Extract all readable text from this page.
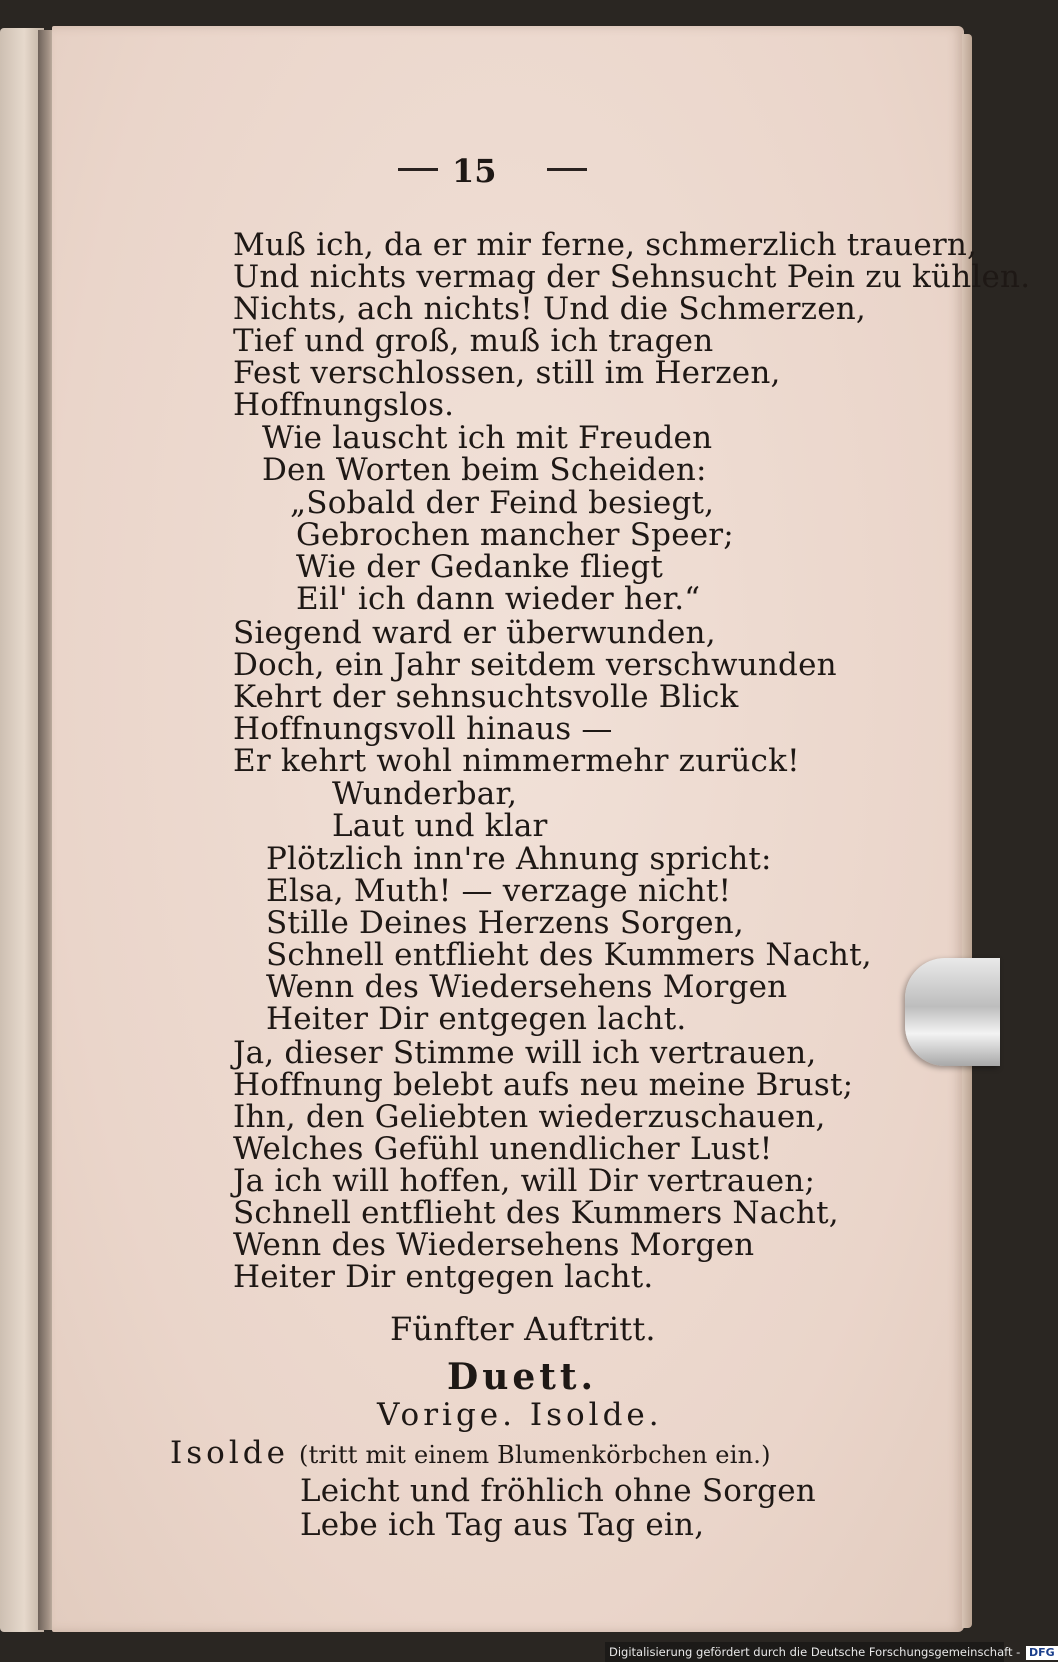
15
Muß ich, da er mir ferne, schmerzlich trauern,
Und nichts vermag der Sehnsucht Pein zu kühlen.
Nichts, ach nichts! Und die Schmerzen,
Tief und groß, muß ich tragen
Fest verschlossen, still im Herzen,
Hoffnungslos.
Wie lauscht ich mit Freuden
Den Worten beim Scheiden:
„Sobald der Feind besiegt,
Gebrochen mancher Speer;
Wie der Gedanke fliegt
Eil' ich dann wieder her.“
Siegend ward er überwunden,
Doch, ein Jahr seitdem verschwunden
Kehrt der sehnsuchtsvolle Blick
Hoffnungsvoll hinaus —
Er kehrt wohl nimmermehr zurück!
Wunderbar,
Laut und klar
Plötzlich inn're Ahnung spricht:
Elsa, Muth! — verzage nicht!
Stille Deines Herzens Sorgen,
Schnell entflieht des Kummers Nacht,
Wenn des Wiedersehens Morgen
Heiter Dir entgegen lacht.
Ja, dieser Stimme will ich vertrauen,
Hoffnung belebt aufs neu meine Brust;
Ihn, den Geliebten wiederzuschauen,
Welches Gefühl unendlicher Lust!
Ja ich will hoffen, will Dir vertrauen;
Schnell entflieht des Kummers Nacht,
Wenn des Wiedersehens Morgen
Heiter Dir entgegen lacht.
Fünfter Auftritt.
Duett.
Vorige. Isolde.
Isolde (tritt mit einem Blumenkörbchen ein.)
Leicht und fröhlich ohne Sorgen
Lebe ich Tag aus Tag ein,
Digitalisierung gefördert durch die Deutsche Forschungsgemeinschaft - DFG
